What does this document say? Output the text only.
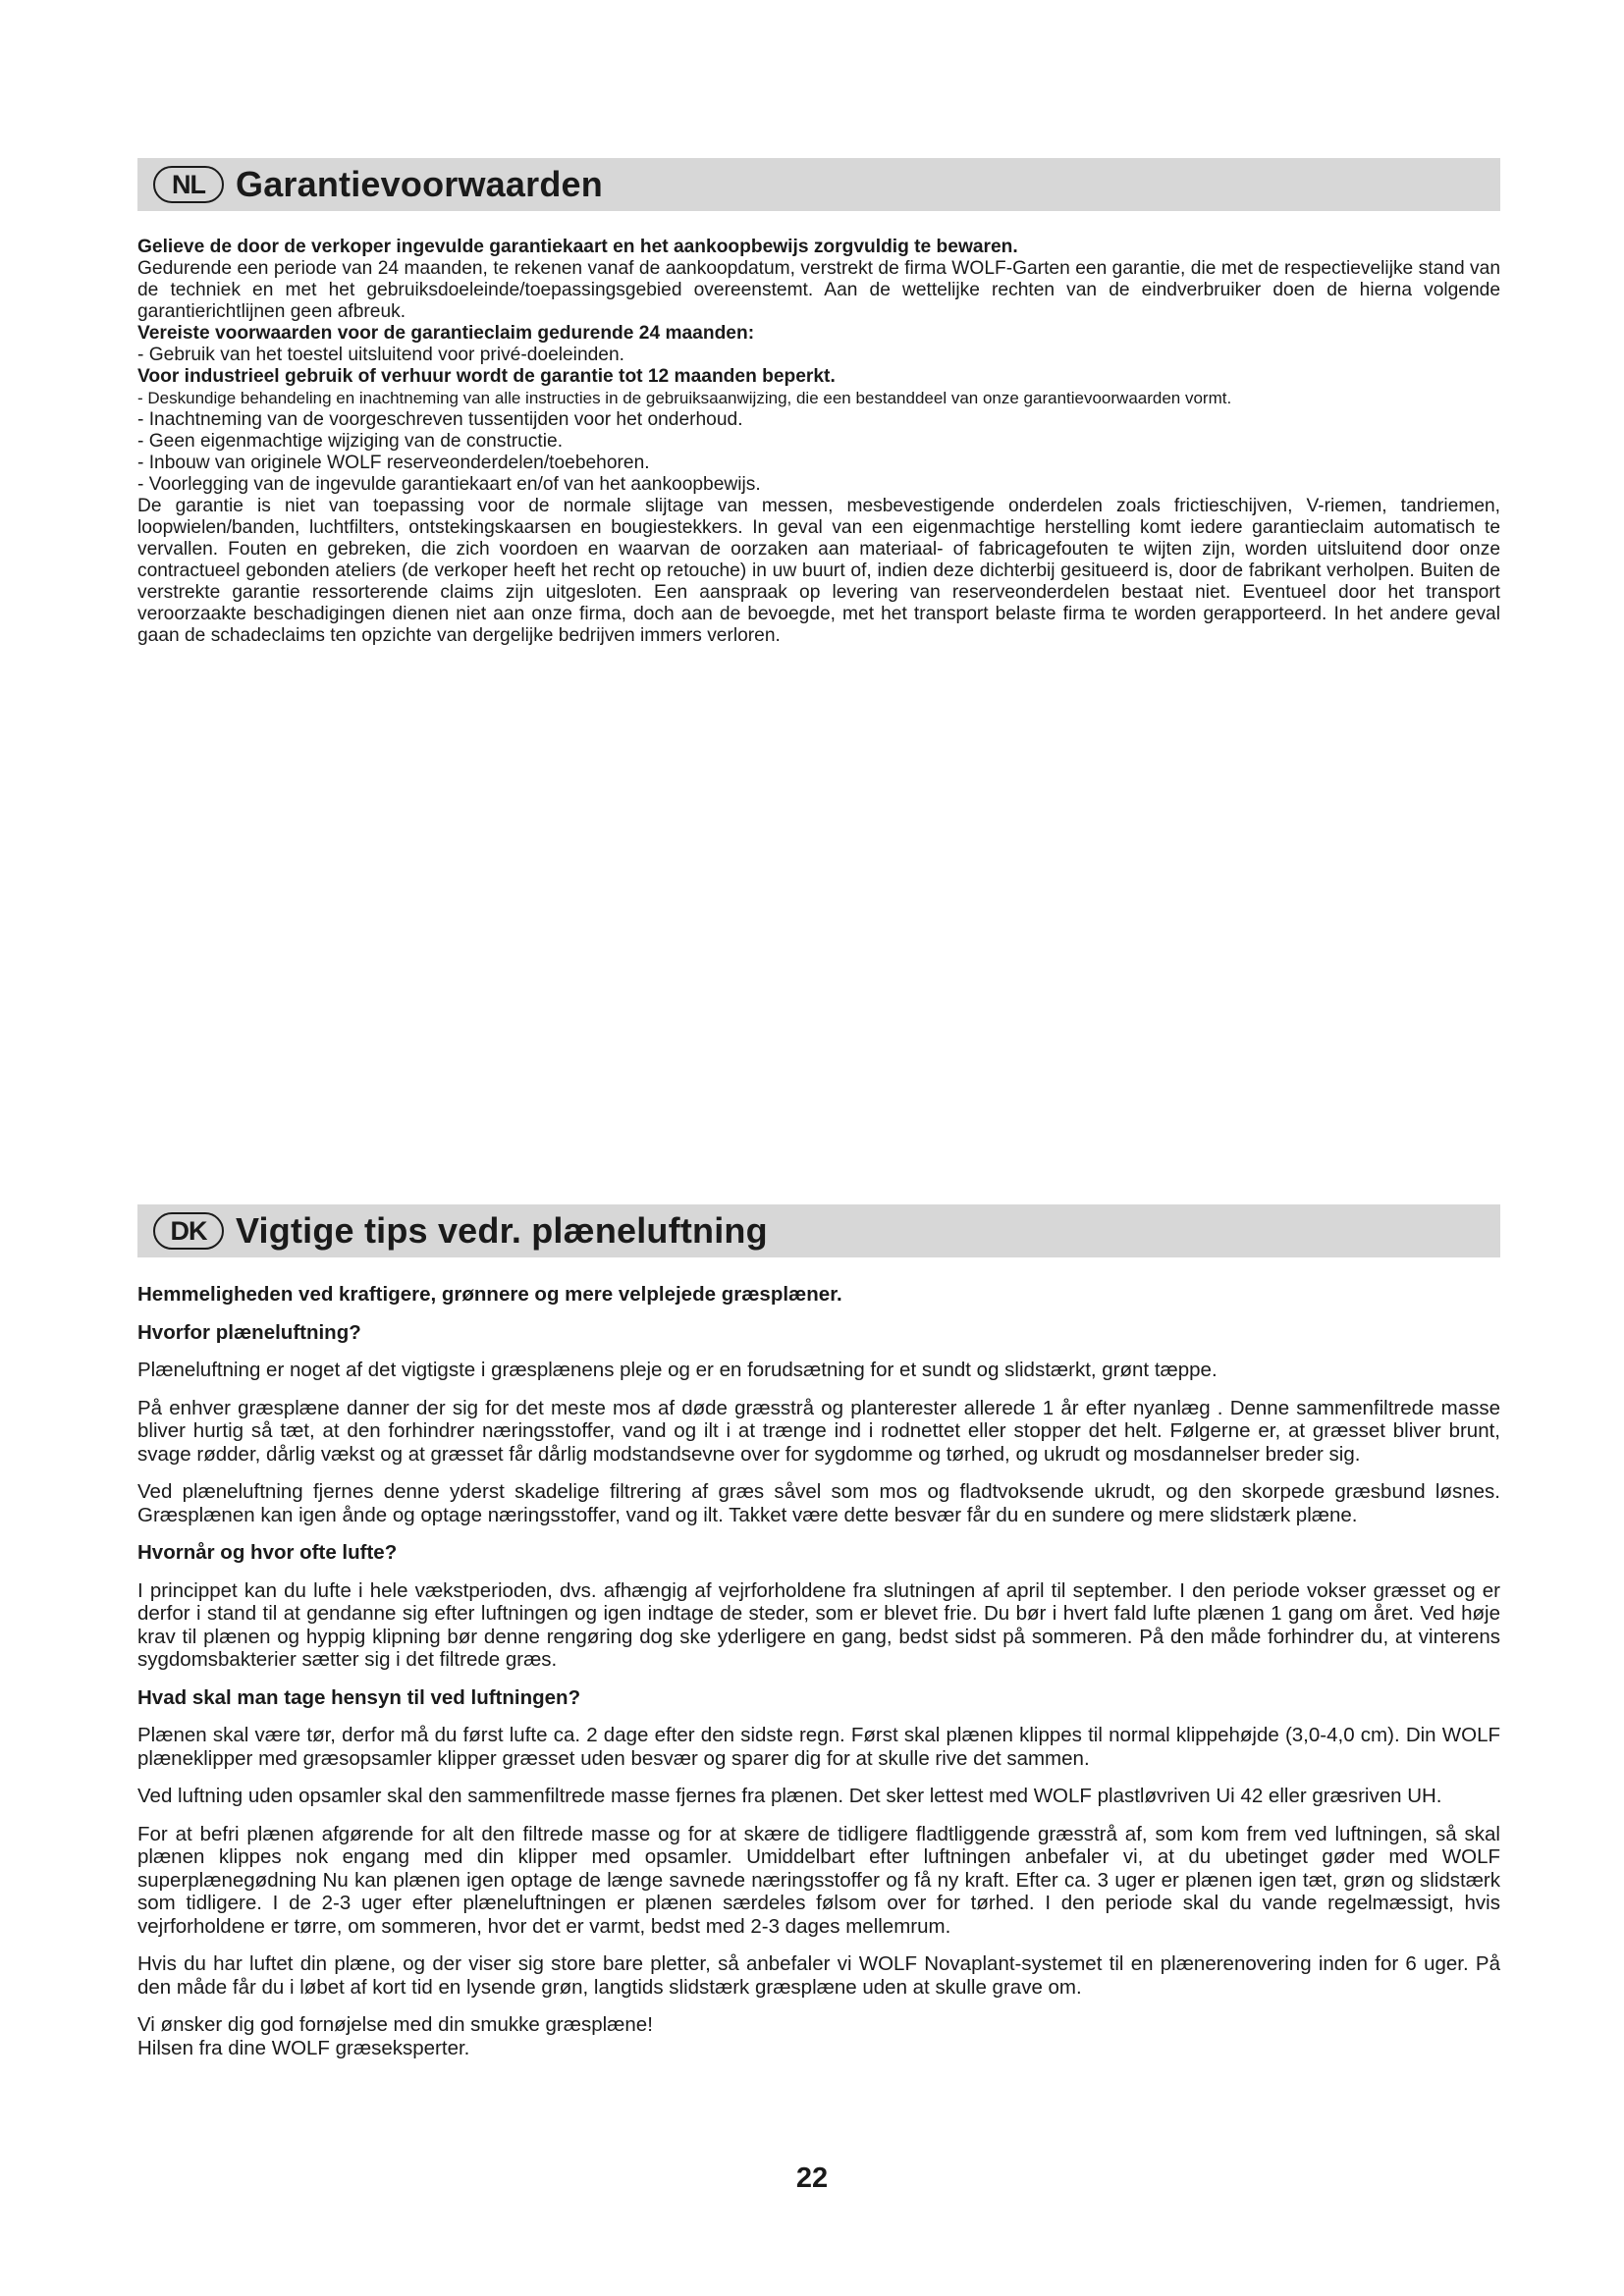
NL Garantievoorwaarden

Gelieve de door de verkoper ingevulde garantiekaart en het aankoopbewijs zorgvuldig te bewaren.

Gedurende een periode van 24 maanden, te rekenen vanaf de aankoopdatum, verstrekt de firma WOLF-Garten een garantie, die met de respectievelijke stand van de techniek en met het gebruiksdoeleinde/toepassingsgebied overeenstemt. Aan de wettelijke rechten van de eindverbruiker doen de hierna volgende garantierichtlijnen geen afbreuk.

Vereiste voorwaarden voor de garantieclaim gedurende 24 maanden:

- Gebruik van het toestel uitsluitend voor privé-doeleinden.

Voor industrieel gebruik of verhuur wordt de garantie tot 12 maanden beperkt.

- Deskundige behandeling en inachtneming van alle instructies in de gebruiksaanwijzing, die een bestanddeel van onze garantievoorwaarden vormt.

- Inachtneming van de voorgeschreven tussentijden voor het onderhoud.

- Geen eigenmachtige wijziging van de constructie.

- Inbouw van originele WOLF reserveonderdelen/toebehoren.

- Voorlegging van de ingevulde garantiekaart en/of van het aankoopbewijs.

De garantie is niet van toepassing voor de normale slijtage van messen, mesbevestigende onderdelen zoals frictieschijven, V-riemen, tandriemen, loopwielen/banden, luchtfilters, ontstekingskaarsen en bougiestekkers. In geval van een eigenmachtige herstelling komt iedere garantieclaim automatisch te vervallen. Fouten en gebreken, die zich voordoen en waarvan de oorzaken aan materiaal- of fabricagefouten te wijten zijn, worden uitsluitend door onze contractueel gebonden ateliers (de verkoper heeft het recht op retouche) in uw buurt of, indien deze dichterbij gesitueerd is, door de fabrikant verholpen. Buiten de verstrekte garantie ressorterende claims zijn uitgesloten. Een aanspraak op levering van reserveonderdelen bestaat niet. Eventueel door het transport veroorzaakte beschadigingen dienen niet aan onze firma, doch aan de bevoegde, met het transport belaste firma te worden gerapporteerd. In het andere geval gaan de schadeclaims ten opzichte van dergelijke bedrijven immers verloren.

DK Vigtige tips vedr. plæneluftning

Hemmeligheden ved kraftigere, grønnere og mere velplejede græsplæner.

Hvorfor plæneluftning?

Plæneluftning er noget af det vigtigste i græsplænens pleje og er en forudsætning for et sundt og slidstærkt, grønt tæppe.

På enhver græsplæne danner der sig for det meste mos af døde græsstrå og planterester allerede 1 år efter nyanlæg . Denne sammenfiltrede masse bliver hurtig så tæt, at den forhindrer næringsstoffer, vand og ilt i at trænge ind i rodnettet eller stopper det helt. Følgerne er, at græsset bliver brunt, svage rødder, dårlig vækst og at græsset får dårlig modstandsevne over for sygdomme og tørhed, og ukrudt og mosdannelser breder sig.

Ved plæneluftning fjernes denne yderst skadelige filtrering af græs såvel som mos og fladtvoksende ukrudt, og den skorpede græsbund løsnes. Græsplænen kan igen ånde og optage næringsstoffer, vand og ilt. Takket være dette besvær får du en sundere og mere slidstærk plæne.

Hvornår og hvor ofte lufte?

I princippet kan du lufte i hele vækstperioden, dvs. afhængig af vejrforholdene fra slutningen af april til september. I den periode vokser græsset og er derfor i stand til at gendanne sig efter luftningen og igen indtage de steder, som er blevet frie. Du bør i hvert fald lufte plænen 1 gang om året. Ved høje krav til plænen og hyppig klipning bør denne rengøring dog ske yderligere en gang, bedst sidst på sommeren. På den måde forhindrer du, at vinterens sygdomsbakterier sætter sig i det filtrede græs.

Hvad skal man tage hensyn til ved luftningen?

Plænen skal være tør, derfor må du først lufte ca. 2 dage efter den sidste regn. Først skal plænen klippes til normal klippehøjde (3,0-4,0 cm). Din WOLF plæneklipper med græsopsamler klipper græsset uden besvær og sparer dig for at skulle rive det sammen.

Ved luftning uden opsamler skal den sammenfiltrede masse fjernes fra plænen. Det sker lettest med WOLF plastløvriven Ui 42 eller græsriven UH.

For at befri plænen afgørende for alt den filtrede masse og for at skære de tidligere fladtliggende græsstrå af, som kom frem ved luftningen, så skal plænen klippes nok engang med din klipper med opsamler. Umiddelbart efter luftningen anbefaler vi, at du ubetinget gøder med WOLF superplænegødning Nu kan plænen igen optage de længe savnede næringsstoffer og få ny kraft. Efter ca. 3 uger er plænen igen tæt, grøn og slidstærk som tidligere. I de 2-3 uger efter plæneluftningen er plænen særdeles følsom over for tørhed. I den periode skal du vande regelmæssigt, hvis vejrforholdene er tørre, om sommeren, hvor det er varmt, bedst med 2-3 dages mellemrum.

Hvis du har luftet din plæne, og der viser sig store bare pletter, så anbefaler vi WOLF Novaplant-systemet til en plænerenovering inden for 6 uger. På den måde får du i løbet af kort tid en lysende grøn, langtids slidstærk græsplæne uden at skulle grave om.

Vi ønsker dig god fornøjelse med din smukke græsplæne!

Hilsen fra dine WOLF græseksperter.

22
